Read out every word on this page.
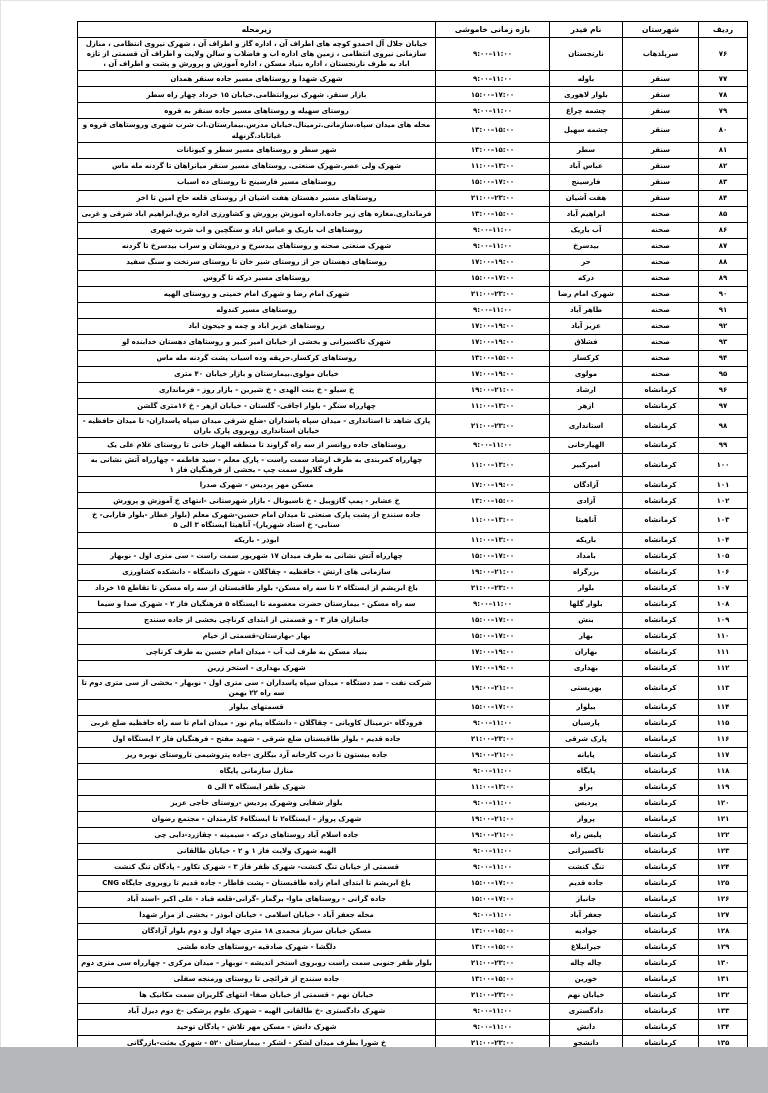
ردیف	شهرستان	نام فیدر	بازه زمانی خاموشی	زیرمحله
۷۶	سرپلذهاب	نارنجستان	۹:۰۰–۱۱:۰۰	خیابان جلال آل احمدو کوچه های اطراف آن ، اداره گاز و اطراف آن ، شهرک نیروی انتظامی ، منازل سازمانی نیروی انتظامی ، زمین های اداره اب و فاضلاب و سالن ولایت و اطراف آن قسمتی از تازه اباد به طرف نارنجستان ، اداره بنیاد مسکن ، اداره آموزش و پرورش و پشت و اطراف آن ،
۷۷	سنقر	باوله	۹:۰۰–۱۱:۰۰	شهرک شهدا و روستاهای مسیر جاده سنقر همدان
۷۸	سنقر	بلوار لاهوری	۱۵:۰۰–۱۷:۰۰	بازار سنقر. شهرک نیروانتظامی.خیابان ۱۵ خرداد چهار راه سطر
۷۹	سنقر	چشمه چراغ	۹:۰۰–۱۱:۰۰	روستای سهیله و روستاهای مسیر جاده سنقر به قروه
۸۰	سنقر	چشمه سهیل	۱۳:۰۰–۱۵:۰۰	محله های میدان سپاه.سازمانی.ترمینال.خیابان مدرس.بیمارستان.اب شرب شهری وروستاهای قروه و غیاثاباد.گزنهله
۸۱	سنقر	سطر	۱۳:۰۰–۱۵:۰۰	شهر سطر و روستاهای مسیر سطر و کیونانات
۸۲	سنقر	عباس آباد	۱۱:۰۰–۱۳:۰۰	شهرک ولی عصر.شهرک صنعتی. روستاهای مسیر سنقر میانراهان تا گردنه مله ماس
۸۳	سنقر	فارسینج	۱۵:۰۰–۱۷:۰۰	روستاهای مسیر فارسینج تا روستای ده اسباب
۸۴	سنقر	هفت آشیان	۲۱:۰۰–۲۳:۰۰	روستاهای مسیر دهستان هفت اشیان از روستای قلعه حاج امین تا اخر
۸۵	صحنه	ابراهیم آباد	۱۳:۰۰–۱۵:۰۰	فرمانداری.مغازه های زیر جاده.اداره اموزش پرورش و کشاورزی اداره برق.ابراهیم اباد شرقی و غربی
۸۶	صحنه	آب باریک	۹:۰۰–۱۱:۰۰	روستاهای اب باریک و عباس اباد و سنگچین و اب شرب شهری
۸۷	صحنه	بیدسرخ	۹:۰۰–۱۱:۰۰	شهرک صنعتی صحنه و روستاهای بیدسرخ و درویشان و سراب بیدسرخ تا گردنه
۸۸	صحنه	حر	۱۷:۰۰–۱۹:۰۰	روستاهای دهستان حر از روستای شیر خان تا روستای سرتخت و سنگ سفید
۸۹	صحنه	درکه	۱۵:۰۰–۱۷:۰۰	روستاهای مسیر درکه تا گروس
۹۰	صحنه	شهرک امام رضا	۲۱:۰۰–۲۳:۰۰	شهرک امام رضا و شهرک امام خمینی و روستای الهیه
۹۱	صحنه	طاهر آباد	۹:۰۰–۱۱:۰۰	روستاهای مسیر کندوله
۹۲	صحنه	عزیز آباد	۱۷:۰۰–۱۹:۰۰	روستاهای عزیز اباد و چمه و جیحون اباد
۹۳	صحنه	فشلاق	۱۷:۰۰–۱۹:۰۰	شهرک تاکسیرانی و بخشی از خیابان امیر کبیر و روستاهای دهستان خدابنده لو
۹۴	صحنه	کرکسار	۱۳:۰۰–۱۵:۰۰	روستاهای کرکسار.حریقه وده اسیاب پشت گردنه مله ماس
۹۵	صحنه	مولوی	۱۷:۰۰–۱۹:۰۰	خیابان مولوی.بیمارستان و بازار خیابان ۴۰ متری
۹۶	کرمانشاه	ارشاد	۱۹:۰۰–۲۱:۰۰	خ سیلو - خ بنت الهدی - خ شیرین - بازار روز - فرمانداری
۹۷	کرمانشاه	ازهر	۱۱:۰۰–۱۳:۰۰	چهارراه سنگر - بلوار اجاقی- گلستان - خیابان ازهر - خ ۱۶متری گلشن
۹۸	کرمانشاه	استانداری	۲۱:۰۰–۲۳:۰۰	پارک شاهد تا استانداری - میدان سپاه پاسداران -ضلع شرقی میدان سپاه پاسداران- تا میدان حافظیه - خیابان استانداری روبروی پارک باران
۹۹	کرمانشاه	الهیارخانی	۹:۰۰–۱۱:۰۰	روستاهای جاده روانسر از سه راه گراوند تا منطقه الهیار خانی تا روستای غلام علی یک
۱۰۰	کرمانشاه	امیرکبیر	۱۱:۰۰–۱۳:۰۰	چهارراه کمربندی به طرف ارشاد سمت راست - پارک معلم - سید فاطمه - چهارراه آتش نشانی به طرف گلایول سمت چپ - بخشی از فرهنگیان فاز ۱
۱۰۱	کرمانشاه	آزادگان	۱۷:۰۰–۱۹:۰۰	مسکن مهر پردیس - شهرک صدرا
۱۰۲	کرمانشاه	آزادی	۱۳:۰۰–۱۵:۰۰	خ عشایر - پمپ گازوییل - خ ناسیونال - بازار شهرستانی -انتهای خ آموزش و پرورش
۱۰۳	کرمانشاه	آناهیتا	۱۱:۰۰–۱۳:۰۰	جاده سنندج از پشت پارک صنعتی تا میدان امام حسین-شهرک معلم (بلوار عطار -بلوار فارابی- خ سنابی- خ استاد شهریار)- آناهیتا ایستگاه ۳ الی ۵
۱۰۴	کرمانشاه	باریکه	۱۱:۰۰–۱۳:۰۰	ابوذر - باریکه
۱۰۵	کرمانشاه	بامداد	۱۵:۰۰–۱۷:۰۰	چهارراه آتش نشانی به طرف میدان ۱۷ شهریور سمت راست - سی متری اول - نوبهار
۱۰۶	کرمانشاه	بزرگراه	۱۹:۰۰–۲۱:۰۰	سازمانی های ارتش - حافظیه - چقاگلان - شهرک دانشگاه - دانشکده کشاورزی
۱۰۷	کرمانشاه	بلوار	۲۱:۰۰–۲۳:۰۰	باغ ابریشم از ایستگاه ۲ تا سه راه مسکن- بلوار طاقبستان از سه راه مسکن تا تقاطع ۱۵ خرداد
۱۰۸	کرمانشاه	بلوار گلها	۹:۰۰–۱۱:۰۰	سه راه مسکن - بیمارستان حضرت معصومه تا ایستگاه ۵ فرهنگیان فاز ۲ - شهرک صدا و سیما
۱۰۹	کرمانشاه	بنش	۱۵:۰۰–۱۷:۰۰	جانبازان فاز ۳ - و قسمتی از ابتدای کرناچی بخشی از جاده سنندج
۱۱۰	کرمانشاه	بهار	۱۵:۰۰–۱۷:۰۰	بهار -بهارستان-قسمتی از خیام
۱۱۱	کرمانشاه	بهاران	۱۷:۰۰–۱۹:۰۰	بنیاد مسکن به طرف لب آب - میدان امام حسین به طرف کرناچی
۱۱۲	کرمانشاه	بهداری	۱۷:۰۰–۱۹:۰۰	شهرک بهداری - استخر زرین
۱۱۳	کرمانشاه	بهزیستی	۱۹:۰۰–۲۱:۰۰	شرکت نفت - صد دستگاه - میدان سپاه پاسداران - سی متری اول - نوبهار - بخشی از سی متری دوم تا سه راه ۲۲ بهمن
۱۱۴	کرمانشاه	بیلوار	۱۵:۰۰–۱۷:۰۰	قسمتهای بیلوار
۱۱۵	کرمانشاه	پارسیان	۹:۰۰–۱۱:۰۰	فرودگاه -ترمینال کاویانی - چقاگلان - دانشگاه پیام نور - میدان امام تا سه راه حافظیه ضلع غربی
۱۱۶	کرمانشاه	پارک شرقی	۲۱:۰۰–۲۳:۰۰	جاده قدیم - بلوار طاقبستان ضلع شرقی - شهید مفتح - فرهنگیان فاز ۲ ایستگاه اول
۱۱۷	کرمانشاه	پایانه	۱۹:۰۰–۲۱:۰۰	جاده بیستون تا درب کارخانه آرد بیگلری -جاده پتروشیمی تاروستای نوبره ریز
۱۱۸	کرمانشاه	پایگاه	۹:۰۰–۱۱:۰۰	منازل سازمانی پایگاه
۱۱۹	کرمانشاه	پراو	۱۱:۰۰–۱۳:۰۰	شهرک ظفر ایستگاه ۳ الی ۵
۱۲۰	کرمانشاه	پردیس	۹:۰۰–۱۱:۰۰	بلوار شفایی وشهرک پردیس -روستای حاجی عزیز
۱۲۱	کرمانشاه	پرواز	۱۹:۰۰–۲۱:۰۰	شهرک پرواز - ایستگاه۲ تا ایستگاه۶ کارمندان - مجتمع رضوان
۱۲۲	کرمانشاه	پلیس راه	۱۹:۰۰–۲۱:۰۰	جاده اسلام آباد روستاهای درکه - سیمینه - چقازرد-دایی چی
۱۲۳	کرمانشاه	تاکسیرانی	۹:۰۰–۱۱:۰۰	الهیه شهرک ولایت فاز ۱ و ۲ - خیابان طالقانی
۱۲۴	کرمانشاه	تنگ کنشت	۹:۰۰–۱۱:۰۰	قسمتی از خیابان تنگ کنشت- شهرک ظفر فاز ۳ - شهرک تکاور - پادگان تنگ کنشت
۱۲۵	کرمانشاه	جاده قدیم	۱۵:۰۰–۱۷:۰۰	باغ ابریشم تا ابتدای امام زاده طاقبستان - پشت قاطار - جاده قدیم تا روبروی جایگاه CNG
۱۲۶	کرمانشاه	جانباز	۱۵:۰۰–۱۷:۰۰	جاده گرانی - روستاهای ماوا- برگمار -گرانی-قلعه قباد - علی اکبر -اسند آباد
۱۲۷	کرمانشاه	جعفر آباد	۹:۰۰–۱۱:۰۰	محله جعفر آباد - خیابان اسلامی - خیابان ابوذر - بخشی از مزار شهدا
۱۲۸	کرمانشاه	جوادیه	۱۳:۰۰–۱۵:۰۰	مسکن خیابان سرباز محمدی ۱۸ متری جهاد اول و دوم بلوار آزادگان
۱۲۹	کرمانشاه	جیرانبلاغ	۱۳:۰۰–۱۵:۰۰	دلگشا - شهرک صادقیه -روستاهای جاده طشی
۱۳۰	کرمانشاه	چاله چاله	۲۱:۰۰–۲۳:۰۰	بلوار ظفر جنوبی سمت راست روبروی استخر اندیشه - نوبهار - میدان مرکزی - چهارراه سی متری دوم
۱۳۱	کرمانشاه	خورین	۱۳:۰۰–۱۵:۰۰	جاده سنندج از قرائچی تا روستای ورمنجه سفلی
۱۳۲	کرمانشاه	خیابان نهم	۲۱:۰۰–۲۳:۰۰	خیابان نهم - قسمتی از خیابان صفا- انتهای گلریزان سمت مکانیک ها
۱۳۳	کرمانشاه	دادگستری	۹:۰۰–۱۱:۰۰	شهرک دادگستری -خ طالقانی الهیه - شهرک علوم پزشکی -خ دوم دیزل آباد
۱۳۴	کرمانشاه	دانش	۹:۰۰–۱۱:۰۰	شهرک دانش - مسکن مهر تلاش - پادگان توحید
۱۳۵	کرمانشاه	دانشجو	۲۱:۰۰–۲۳:۰۰	خ شورا بطرف میدان لشکر - لشکر - بیمارستان ۵۲۰ - شهرک بعثت-بازرگانی
